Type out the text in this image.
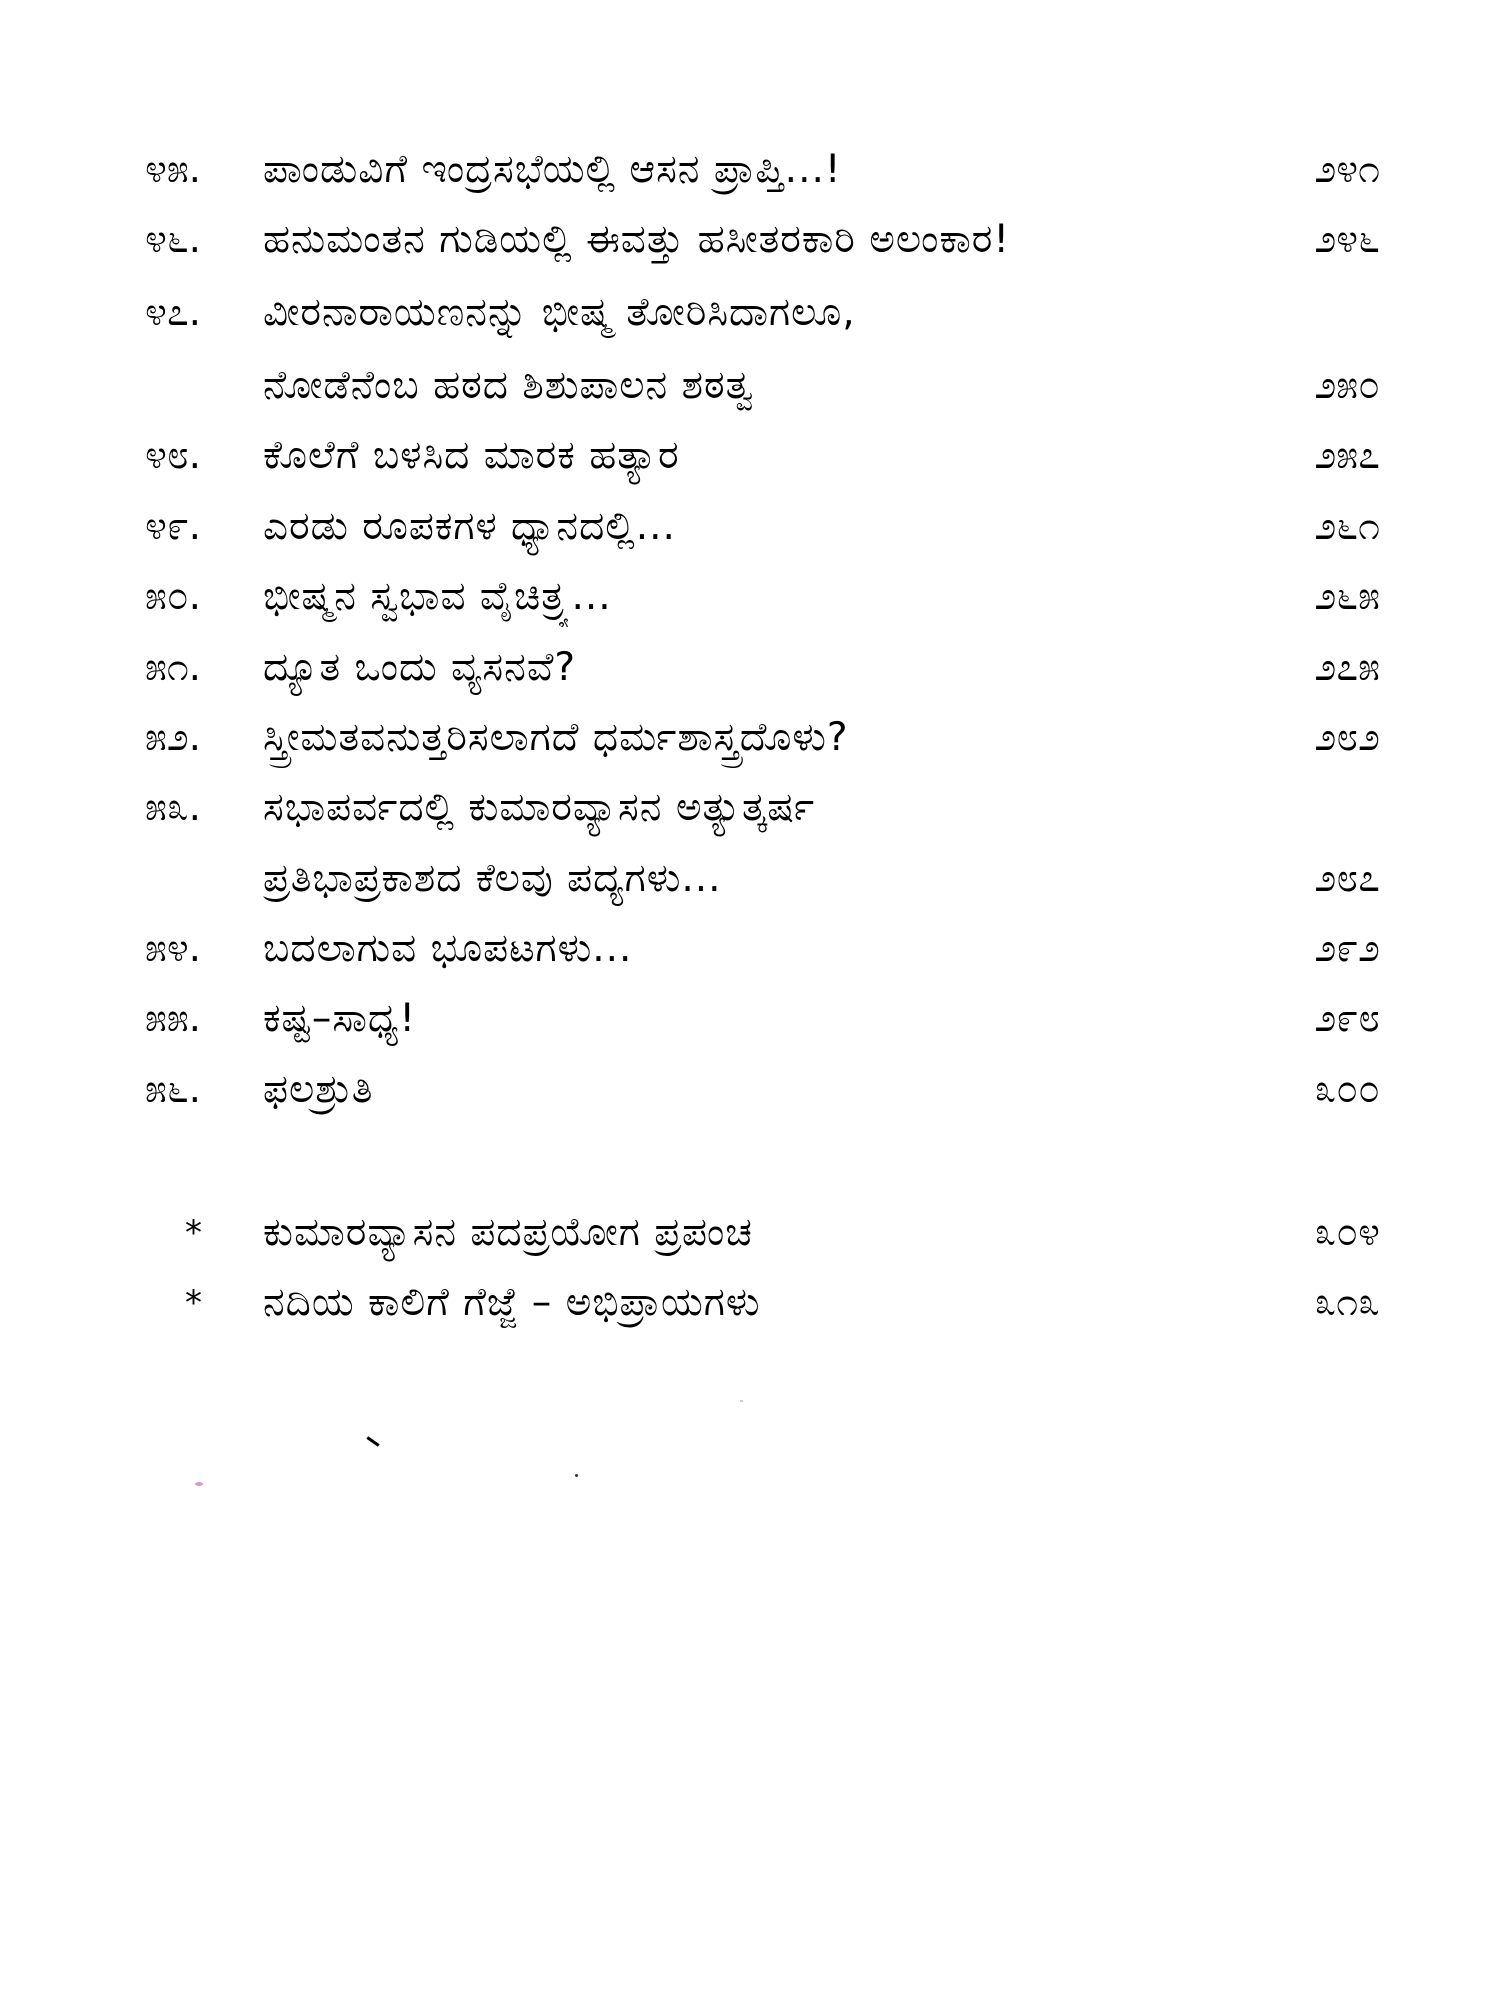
೪೫.	ಪಾಂಡುವಿಗೆ ಇಂದ್ರಸಭೆಯಲ್ಲಿ ಆಸನ ಪ್ರಾಪ್ತಿ...!	೨೪೧
೪೬.	ಹನುಮಂತನ ಗುಡಿಯಲ್ಲಿ ಈವತ್ತು ಹಸೀತರಕಾರಿ ಅಲಂಕಾರ!	೨೪೬
೪೭.	ವೀರನಾರಾಯಣನನ್ನು ಭೀಷ್ಮ ತೋರಿಸಿದಾಗಲೂ,
ನೋಡೆನೆಂಬ ಹಠದ ಶಿಶುಪಾಲನ ಶಠತ್ವ	೨೫೦
೪೮.	ಕೊಲೆಗೆ ಬಳಸಿದ ಮಾರಕ ಹತ್ಯಾರ	೨೫೭
೪೯.	ಎರಡು ರೂಪಕಗಳ ಧ್ಯಾನದಲ್ಲಿ...	೨೬೧
೫೦.	ಭೀಷ್ಮನ ಸ್ವಭಾವ ವೈಚಿತ್ರ್ಯ...	೨೬೫
೫೧.	ದ್ಯೂತ ಒಂದು ವ್ಯಸನವೆ?	೨೭೫
೫೨.	ಸ್ತ್ರೀಮತವನುತ್ತರಿಸಲಾಗದೆ ಧರ್ಮಶಾಸ್ತ್ರದೊಳು?	೨೮೨
೫೩.	ಸಭಾಪರ್ವದಲ್ಲಿ ಕುಮಾರವ್ಯಾಸನ ಅತ್ಯುತ್ಕರ್ಷ
ಪ್ರತಿಭಾಪ್ರಕಾಶದ ಕೆಲವು ಪದ್ಯಗಳು...	೨೮೭
೫೪.	ಬದಲಾಗುವ ಭೂಪಟಗಳು...	೨೯೨
೫೫.	ಕಷ್ಟ–ಸಾಧ್ಯ!	೨೯೮
೫೬.	ಫಲಶ್ರುತಿ	೩೦೦
*	ಕುಮಾರವ್ಯಾಸನ ಪದಪ್ರಯೋಗ ಪ್ರಪಂಚ	೩೦೪
*	ನದಿಯ ಕಾಲಿಗೆ ಗೆಜ್ಜೆ – ಅಭಿಪ್ರಾಯಗಳು	೩೧೩
